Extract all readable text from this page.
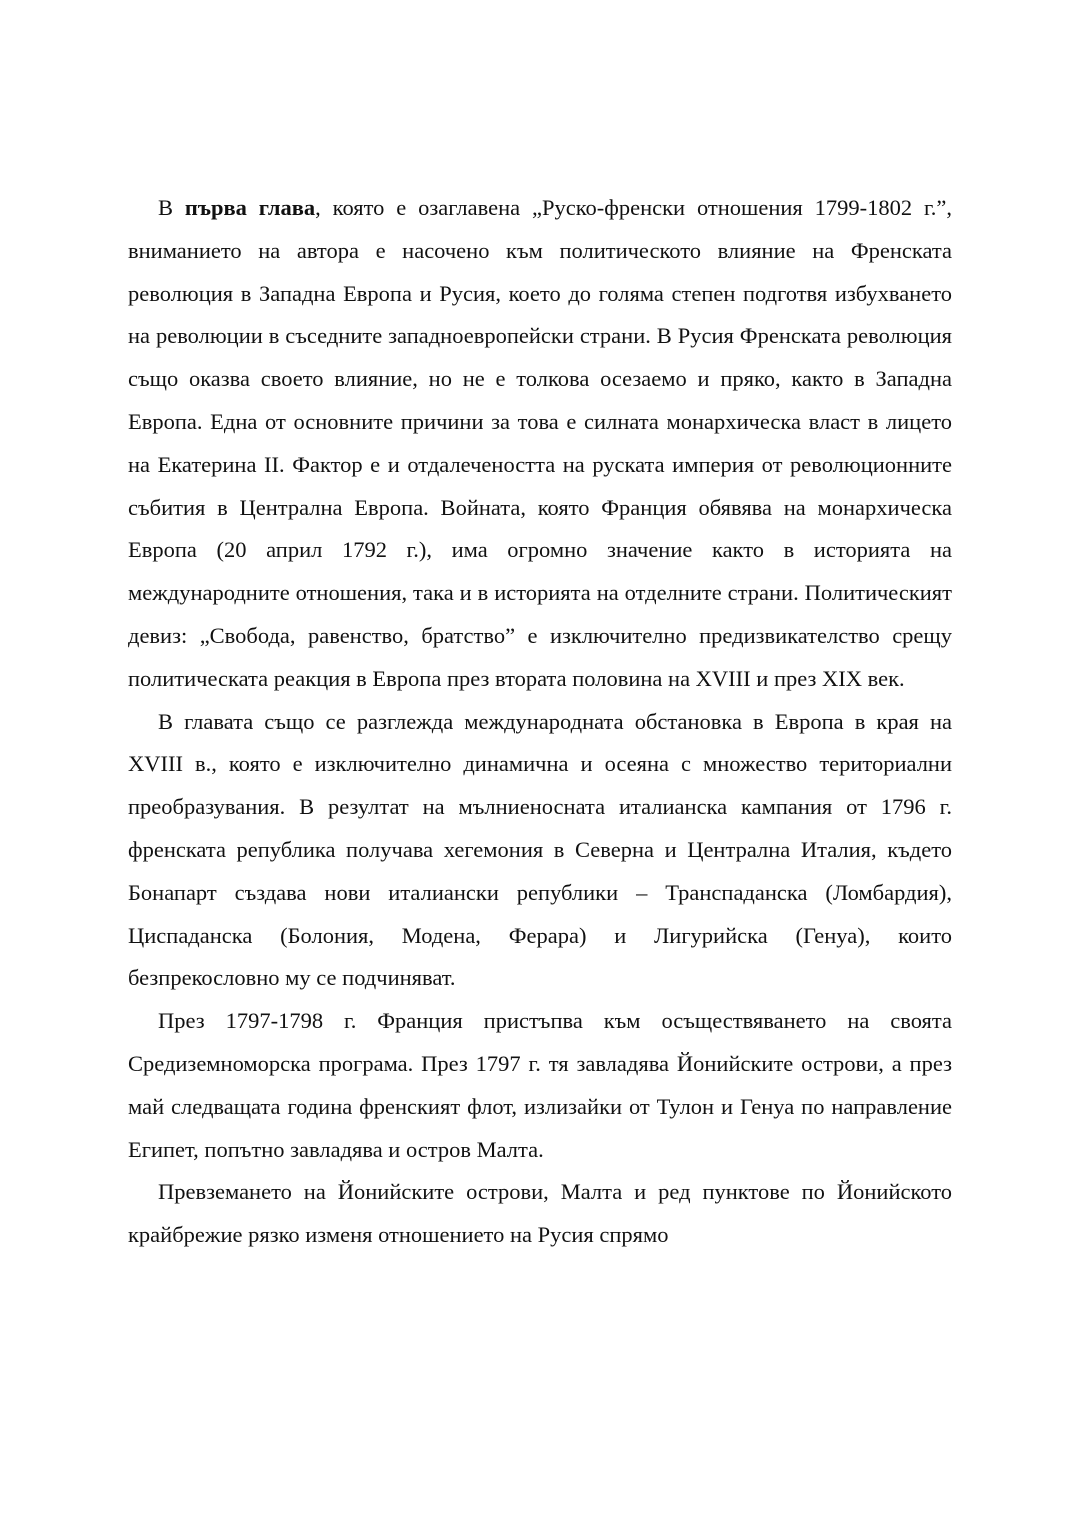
В първа глава, която е озаглавена „Руско-френски отношения 1799-1802 г.”, вниманието на автора е насочено към политическото влияние на Френската революция в Западна Европа и Русия, което до голяма степен подготвя избухването на революции в съседните западноевропейски страни. В Русия Френската революция също оказва своето влияние, но не е толкова осезаемо и пряко, както в Западна Европа. Една от основните причини за това е силната монархическа власт в лицето на Екатерина II. Фактор е и отдалечеността на руската империя от революционните събития в Централна Европа. Войната, която Франция обявява на монархическа Европа (20 април 1792 г.), има огромно значение както в историята на международните отношения, така и в историята на отделните страни. Политическият девиз: „Свобода, равенство, братство” е изключително предизвикателство срещу политическата реакция в Европа през втората половина на XVIII и през XIX век.

В главата също се разглежда международната обстановка в Европа в края на XVIII в., която е изключително динамична и осеяна с множество териториални преобразувания. В резултат на мълниеносната италианска кампания от 1796 г. френската република получава хегемония в Северна и Централна Италия, където Бонапарт създава нови италиански републики – Транспаданска (Ломбардия), Циспаданска (Болония, Модена, Ферара) и Лигурийска (Генуа), които безпрекословно му се подчиняват.

През 1797-1798 г. Франция пристъпва към осъществяването на своята Средиземноморска програма. През 1797 г. тя завладява Йонийските острови, а през май следващата година френският флот, излизайки от Тулон и Генуа по направление Египет, попътно завладява и остров Малта.

Превземането на Йонийските острови, Малта и ред пунктове по Йонийското крайбрежие рязко изменя отношението на Русия спрямо
